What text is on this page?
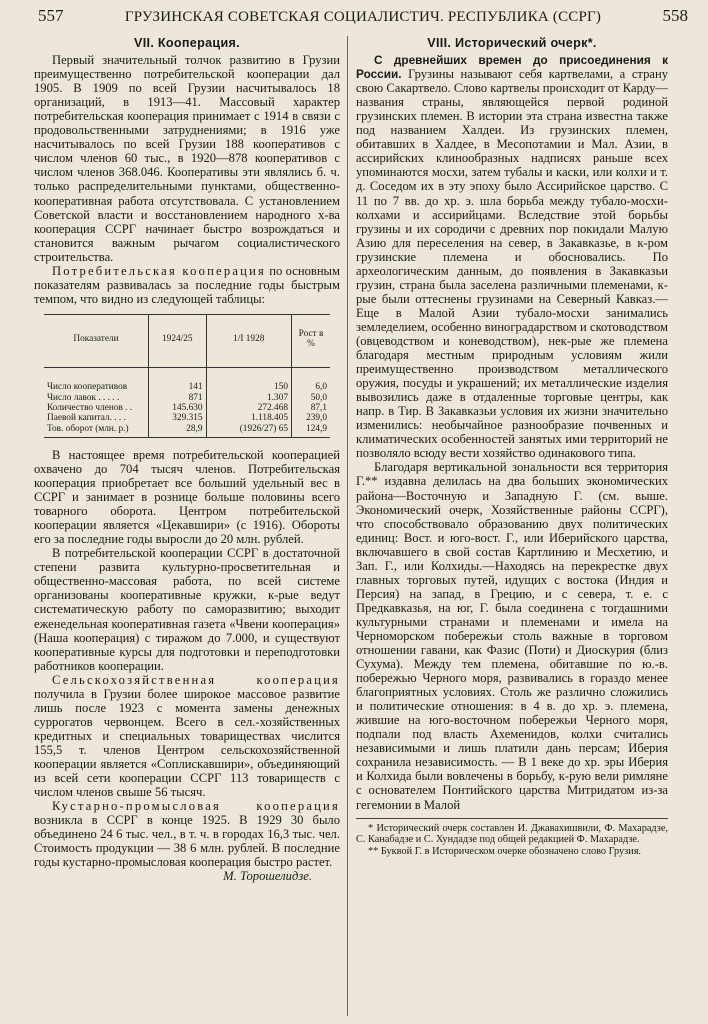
557	ГРУЗИНСКАЯ СОВЕТСКАЯ СОЦИАЛИСТИЧ. РЕСПУБЛИКА (ССРГ)	558
VII. Кооперация.

Первый значительный толчок развитию в Грузии преимущественно потребительской кооперации дал 1905. В 1909 по всей Грузии насчитывалось 18 организаций, в 1913—41. Массовый характер потребительская кооперация принимает с 1914 в связи с продовольственными затруднениями; в 1916 уже насчитывалось по всей Грузии 188 кооперативов с числом членов 60 тыс., в 1920—878 кооперативов с числом членов 368.046. Кооперативы эти являлись б. ч. только распределительными пунктами, общественно-кооперативная работа отсутствовала. С установлением Советской власти и восстановлением народного х-ва кооперация ССРГ начинает быстро возрождаться и становится важным рычагом социалистического строительства.

Потребительская кооперация по основным показателям развивалась за последние годы быстрым темпом, что видно из следующей таблицы:

Показатели	1924/25	1/I 1928	Рост в %
Число кооперативов	141	150	6,0
Число лавок . . . . .	871	1.307	50,0
Количество членов . .	145.630	272.468	87,1
Паевой капитал. . . .	329.315	1.118.405	239,0
Тов. оборот (млн. р.)	28,9	(1926/27) 65	124,9

В настоящее время потребительской кооперацией охвачено до 704 тысяч членов. Потребительская кооперация приобретает все больший удельный вес в ССРГ и занимает в рознице больше половины всего товарного оборота. Центром потребительской кооперации является «Цекавшири» (с 1916). Обороты его за последние годы выросли до 20 млн. рублей.

В потребительской кооперации ССРГ в достаточной степени развита культурно-просветительная и общественно-массовая работа, по всей системе организованы кооперативные кружки, к-рые ведут систематическую работу по саморазвитию; выходит еженедельная кооперативная газета «Чвени кооперация» (Наша кооперация) с тиражом до 7.000, и существуют кооперативные курсы для подготовки и переподготовки работников кооперации.

Сельскохозяйственная кооперация получила в Грузии более широкое массовое развитие лишь после 1923 с момента замены денежных суррогатов червонцем. Всего в сел.-хозяйственных кредитных и специальных товариществах числится 155,5 т. членов Центром сельскохозяйственной кооперации является «Соплискавшири», объединяющий из всей сети кооперации ССРГ 113 товариществ с числом членов свыше 56 тысяч.

Кустарно-промысловая кооперация возникла в ССРГ в конце 1925. В 1929 30 было объединено 24 6 тыс. чел., в т. ч. в городах 16,3 тыс. чел. Стоимость продукции — 38 6 млн. рублей. В последние годы кустарно-промысловая кооперация быстро растет.

М. Торошелидзе.
VIII. Исторический очерк*.

С древнейших времен до присоединения к России. Грузины называют себя картвелами, а страну свою Сакартвело. Слово картвелы происходит от Карду—названия страны, являющейся первой родиной грузинских племен. В истории эта страна известна также под названием Халдеи. Из грузинских племен, обитавших в Халдее, в Месопотамии и Мал. Азии, в ассирийских клинообразных надписях раньше всех упоминаются мосхи, затем тубалы и каски, или колхи и т. д. Соседом их в эту эпоху было Ассирийское царство. С 11 по 7 вв. до хр. э. шла борьба между тубало-мосхи-колхами и ассирийцами. Вследствие этой борьбы грузины и их сородичи с древних пор покидали Малую Азию для переселения на север, в Закавказье, в к-ром грузинские племена и обосновались. По археологическим данным, до появления в Закавказьи грузин, страна была заселена различными племенами, к-рые были оттеснены грузинами на Северный Кавказ.—Еще в Малой Азии тубало-мосхи занимались земледелием, особенно виноградарством и скотоводством (овцеводством и коневодством), нек-рые же племена благодаря местным природным условиям жили преимущественно производством металлического оружия, посуды и украшений; их металлические изделия вывозились даже в отдаленные торговые центры, как напр. в Тир. В Закавказьи условия их жизни значительно изменились: необычайное разнообразие почвенных и климатических особенностей занятых ими территорий не позволяло всюду вести хозяйство одинакового типа.

Благодаря вертикальной зональности вся территория Г.** издавна делилась на два больших экономических района—Восточную и Западную Г. (см. выше. Экономический очерк, Хозяйственные районы ССРГ), что способствовало образованию двух политических единиц: Вост. и юго-вост. Г., или Иберийского царства, включавшего в свой состав Картлинию и Месхетию, и Зап. Г., или Колхиды.—Находясь на перекрестке двух главных торговых путей, идущих с востока (Индия и Персия) на запад, в Грецию, и с севера, т. е. с Предкавказья, на юг, Г. была соединена с тогдашними культурными странами и племенами и имела на Черноморском побережьи столь важные в торговом отношении гавани, как Фазис (Поти) и Диоскурия (близ Сухума). Между тем племена, обитавшие по ю.-в. побережью Черного моря, развивались в гораздо менее благоприятных условиях. Столь же различно сложились и политические отношения: в 4 в. до хр. э. племена, жившие на юго-восточном побережьи Черного моря, подпали под власть Ахеменидов, колхи считались независимыми и лишь платили дань персам; Иберия сохранила независимость. — В 1 веке до хр. эры Иберия и Колхида были вовлечены в борьбу, к-рую вели римляне с основателем Понтийского царства Митридатом из-за гегемонии в Малой

* Исторический очерк составлен И. Джавахишвили, Ф. Махарадзе, С. Канабадзе и С. Хундадзе под общей редакцией Ф. Махарадзе.

** Буквой Г. в Историческом очерке обозначено слово Грузия.
